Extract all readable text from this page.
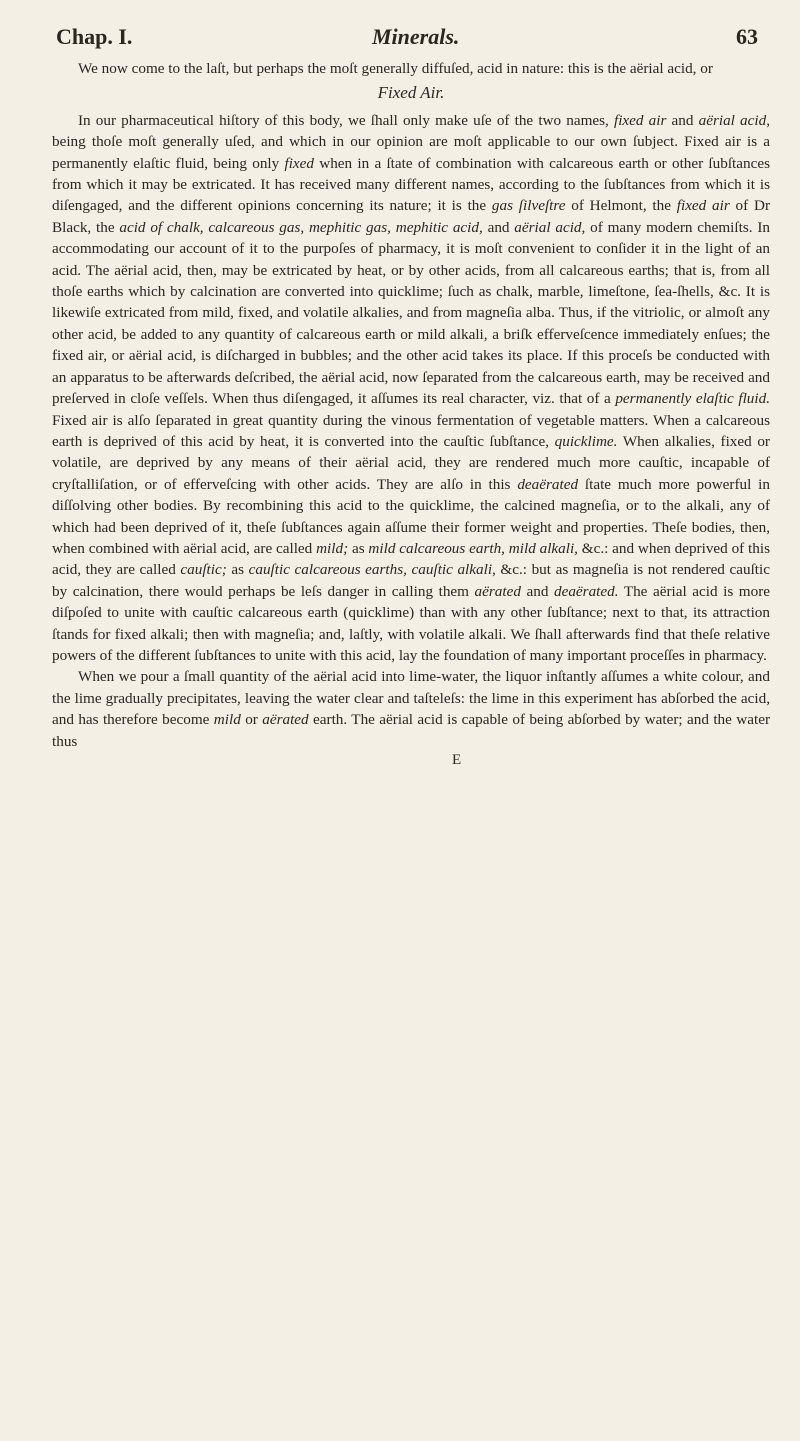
Chap. I.	Minerals.	63

We now come to the laſt, but perhaps the moſt generally diffuſed, acid in nature: this is the aërial acid, or

Fixed Air.

In our pharmaceutical hiſtory of this body, we ſhall only make uſe of the two names, fixed air and aërial acid, being thoſe moſt generally uſed, and which in our opinion are moſt applicable to our own ſubject. Fixed air is a permanently elaſtic fluid, being only fixed when in a ſtate of combination with calcareous earth or other ſubſtances from which it may be extricated. It has received many different names, according to the ſubſtances from which it is diſengaged, and the different opinions concerning its nature; it is the gas ſilveſtre of Helmont, the fixed air of Dr Black, the acid of chalk, calcareous gas, mephitic gas, mephitic acid, and aërial acid, of many modern chemiſts. In accommodating our account of it to the purpoſes of pharmacy, it is moſt convenient to conſider it in the light of an acid. The aërial acid, then, may be extricated by heat, or by other acids, from all calcareous earths; that is, from all thoſe earths which by calcination are converted into quicklime; ſuch as chalk, marble, limeſtone, ſea-ſhells, &c. It is likewiſe extricated from mild, fixed, and volatile alkalies, and from magneſia alba. Thus, if the vitriolic, or almoſt any other acid, be added to any quantity of calcareous earth or mild alkali, a briſk effervеſcence immediately enſues; the fixed air, or aërial acid, is diſcharged in bubbles; and the other acid takes its place. If this proceſs be conducted with an apparatus to be afterwards deſcribed, the aërial acid, now ſeparated from the calcareous earth, may be received and preſerved in cloſe veſſels. When thus diſengaged, it aſſumes its real character, viz. that of a permanently elaſtic fluid. Fixed air is alſo ſeparated in great quantity during the vinous fermentation of vegetable matters. When a calcareous earth is deprived of this acid by heat, it is converted into the cauſtic ſubſtance, quicklime. When alkalies, fixed or volatile, are deprived by any means of their aërial acid, they are rendered much more cauſtic, incapable of cryſtalliſation, or of effervеſcing with other acids. They are alſo in this deaërated ſtate much more powerful in diſſolving other bodies. By recombining this acid to the quicklime, the calcined magneſia, or to the alkali, any of which had been deprived of it, theſe ſubſtances again aſſume their former weight and properties. Theſe bodies, then, when combined with aërial acid, are called mild; as mild calcareous earth, mild alkali, &c.: and when deprived of this acid, they are called cauſtic; as cauſtic calcareous earths, cauſtic alkali, &c.: but as magneſia is not rendered cauſtic by calcination, there would perhaps be leſs danger in calling them aërated and deaërated. The aërial acid is more diſpoſed to unite with cauſtic calcareous earth (quicklime) than with any other ſubſtance; next to that, its attraction ſtands for fixed alkali; then with magneſia; and, laſtly, with volatile alkali. We ſhall afterwards find that theſe relative powers of the different ſubſtances to unite with this acid, lay the foundation of many important proceſſes in pharmacy.

When we pour a ſmall quantity of the aërial acid into lime-water, the liquor inſtantly aſſumes a white colour, and the lime gradually precipitates, leaving the water clear and taſteleſs: the lime in this experiment has abſorbed the acid, and has therefore become mild or aërated earth. The aërial acid is capable of being abſorbed by water; and the water thus

E
